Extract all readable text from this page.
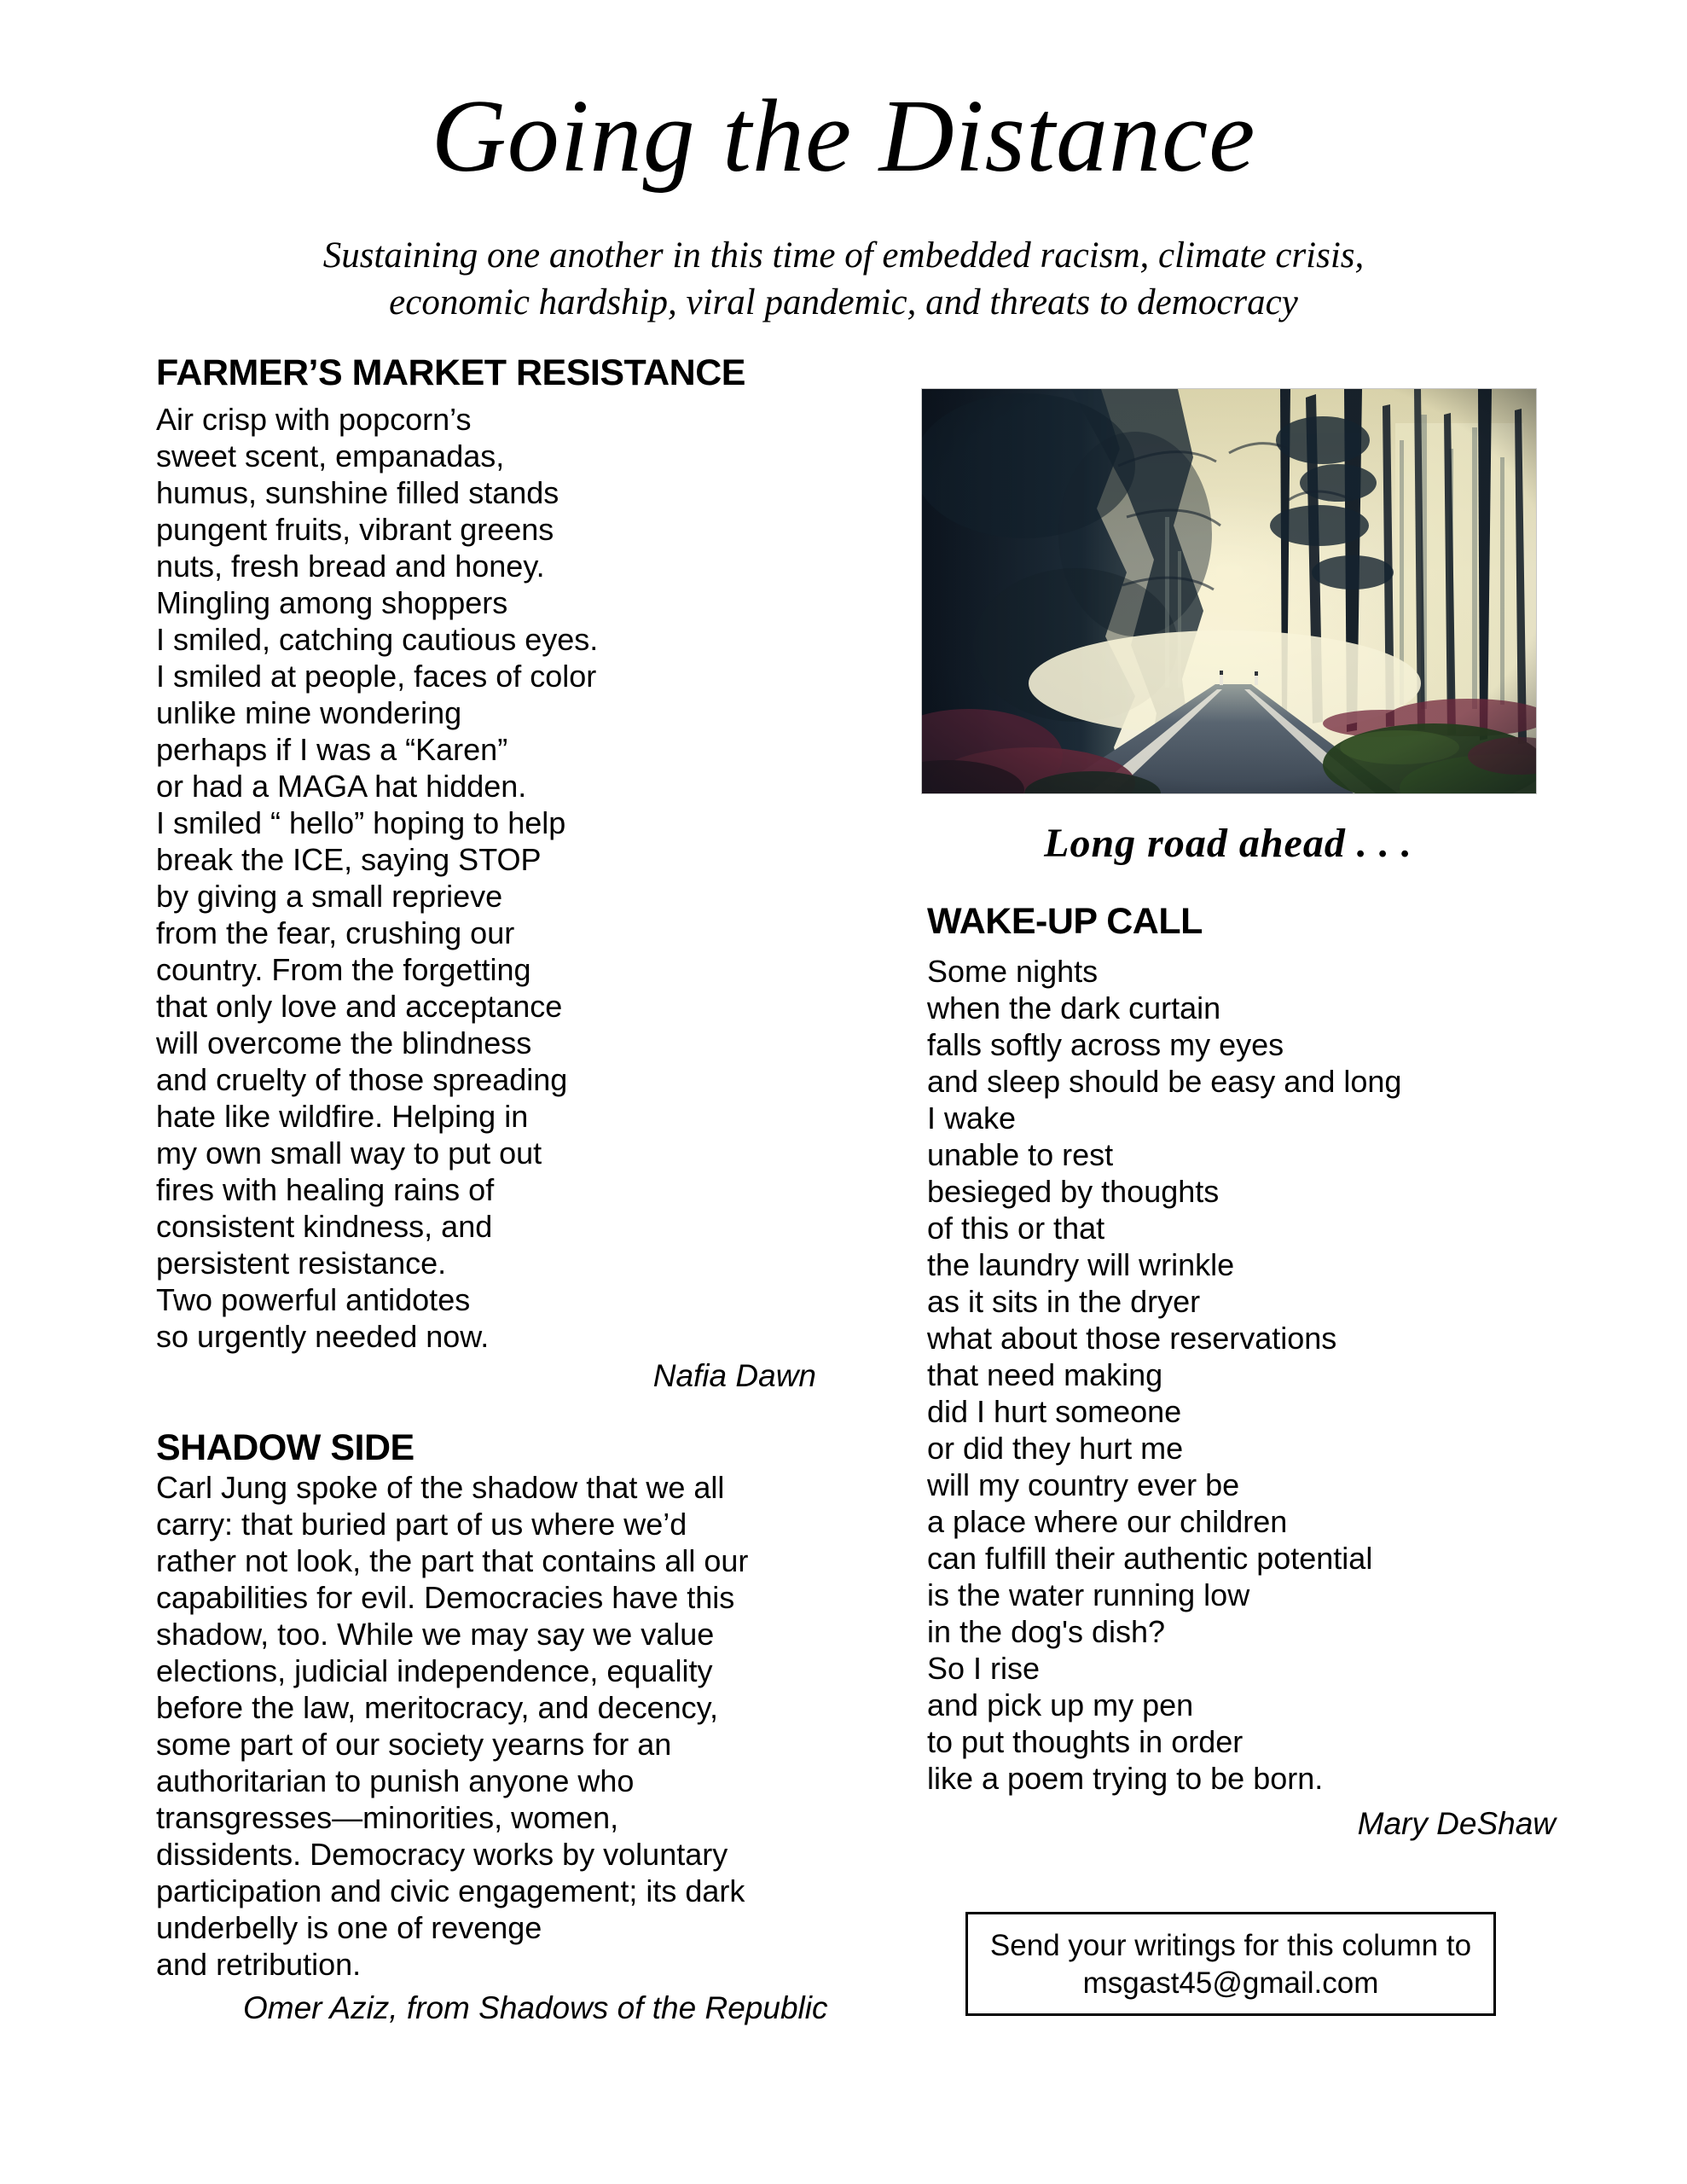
Going the Distance
Sustaining one another in this time of embedded racism, climate crisis,
economic hardship, viral pandemic, and threats to democracy
FARMER’S MARKET RESISTANCE
Air crisp with popcorn’s
sweet scent, empanadas,
humus, sunshine filled stands
pungent fruits, vibrant greens
nuts, fresh bread and honey.
Mingling among shoppers
I smiled, catching cautious eyes.
I smiled at people, faces of color
unlike mine wondering
perhaps if I was a “Karen”
or had a MAGA hat hidden.
I smiled “ hello” hoping to help
break the ICE, saying STOP
by giving a small reprieve
from the fear, crushing our
country. From the forgetting
that only love and acceptance
will overcome the blindness
and cruelty of those spreading
hate like wildfire. Helping in
my own small way to put out
fires with healing rains of
consistent kindness, and
persistent resistance.
Two powerful antidotes
so urgently needed now.
Nafia Dawn
SHADOW SIDE
Carl Jung spoke of the shadow that we all
carry: that buried part of us where we’d
rather not look, the part that contains all our
capabilities for evil. Democracies have this
shadow, too. While we may say we value
elections, judicial independence, equality
before the law, meritocracy, and decency,
some part of our society yearns for an
authoritarian to punish anyone who
transgresses—minorities, women,
dissidents. Democracy works by voluntary
participation and civic engagement; its dark
underbelly is one of revenge
and retribution.
Omer Aziz, from Shadows of the Republic
Long road ahead . . .
WAKE-UP CALL
Some nights
when the dark curtain
falls softly across my eyes
and sleep should be easy and long
I wake
unable to rest
besieged by thoughts
of this or that
the laundry will wrinkle
as it sits in the dryer
what about those reservations
that need making
did I hurt someone
or did they hurt me
will my country ever be
a place where our children
can fulfill their authentic potential
is the water running low
in the dog's dish?
So I rise
and pick up my pen
to put thoughts in order
like a poem trying to be born.
Mary DeShaw
Send your writings for this column to
msgast45@gmail.com
